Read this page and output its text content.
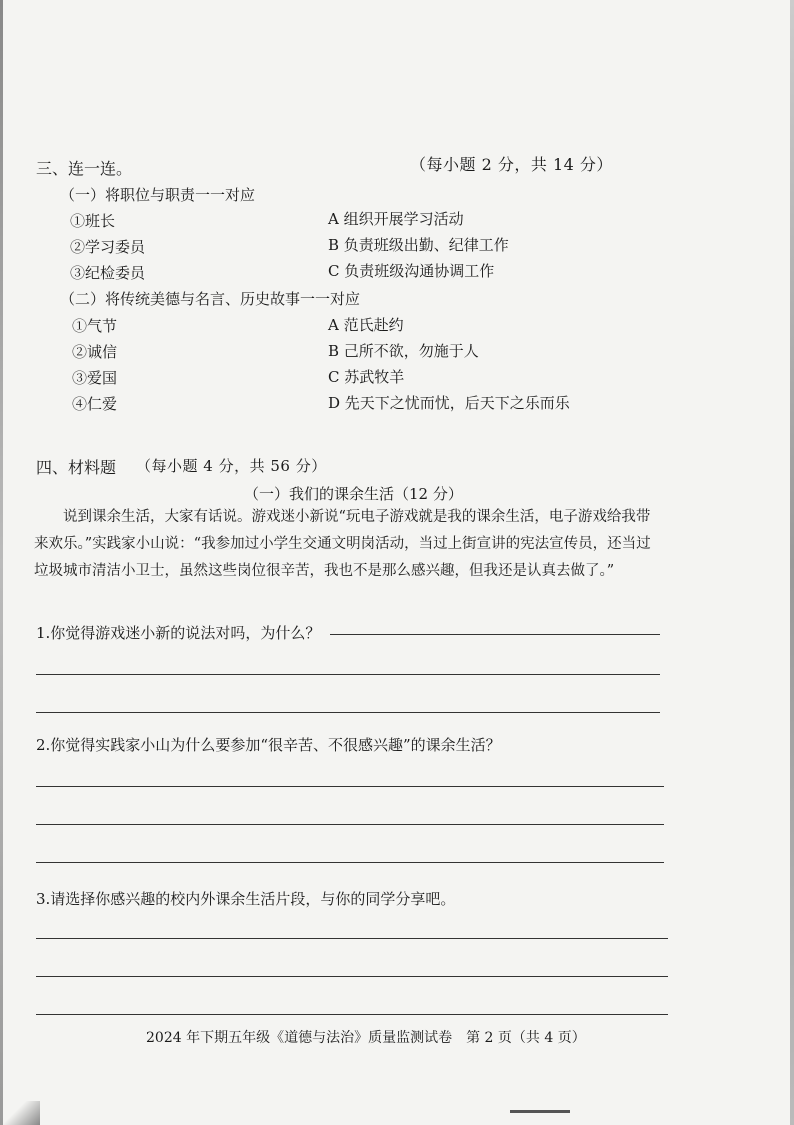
三、连一连。	（每小题 2 分，共 14 分）
（一）将职位与职责一一对应
①班长
②学习委员
③纪检委员
A 组织开展学习活动
B 负责班级出勤、纪律工作
C 负责班级沟通协调工作
（二）将传统美德与名言、历史故事一一对应
①气节
②诚信
③爱国
④仁爱
A 范氏赴约
B 己所不欲，勿施于人
C 苏武牧羊
D 先天下之忧而忧，后天下之乐而乐
四、材料题 （每小题 4 分，共 56 分）
（一）我们的课余生活（12 分）
说到课余生活，大家有话说。游戏迷小新说“玩电子游戏就是我的课余生活，电子游戏给我带来欢乐。”实践家小山说：“我参加过小学生交通文明岗活动，当过上街宣讲的宪法宣传员，还当过垃圾城市清洁小卫士，虽然这些岗位很辛苦，我也不是那么感兴趣，但我还是认真去做了。”
1.你觉得游戏迷小新的说法对吗，为什么？
2.你觉得实践家小山为什么要参加“很辛苦、不很感兴趣”的课余生活？
3.请选择你感兴趣的校内外课余生活片段，与你的同学分享吧。
2024 年下期五年级《道德与法治》质量监测试卷　第 2 页（共 4 页）
